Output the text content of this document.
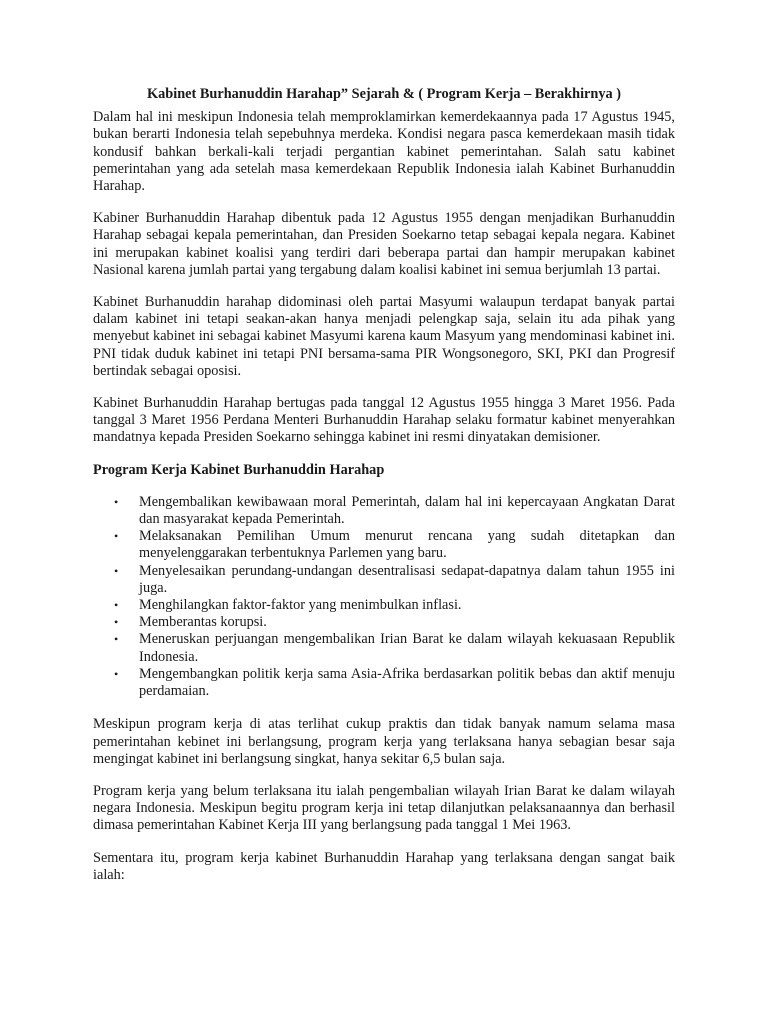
Kabinet Burhanuddin Harahap” Sejarah & ( Program Kerja – Berakhirnya )

Dalam hal ini meskipun Indonesia telah memproklamirkan kemerdekaannya pada 17 Agustus 1945, bukan berarti Indonesia telah sepebuhnya merdeka. Kondisi negara pasca kemerdekaan masih tidak kondusif bahkan berkali-kali terjadi pergantian kabinet pemerintahan. Salah satu kabinet pemerintahan yang ada setelah masa kemerdekaan Republik Indonesia ialah Kabinet Burhanuddin Harahap.

Kabiner Burhanuddin Harahap dibentuk pada 12 Agustus 1955 dengan menjadikan Burhanuddin Harahap sebagai kepala pemerintahan, dan Presiden Soekarno tetap sebagai kepala negara. Kabinet ini merupakan kabinet koalisi yang terdiri dari beberapa partai dan hampir merupakan kabinet Nasional karena jumlah partai yang tergabung dalam koalisi kabinet ini semua berjumlah 13 partai.

Kabinet Burhanuddin harahap didominasi oleh partai Masyumi walaupun terdapat banyak partai dalam kabinet ini tetapi seakan-akan hanya menjadi pelengkap saja, selain itu ada pihak yang menyebut kabinet ini sebagai kabinet Masyumi karena kaum Masyum yang mendominasi kabinet ini. PNI tidak duduk kabinet ini tetapi PNI bersama-sama PIR Wongsonegoro, SKI, PKI dan Progresif bertindak sebagai oposisi.

Kabinet Burhanuddin Harahap bertugas pada tanggal 12 Agustus 1955 hingga 3 Maret 1956. Pada tanggal 3 Maret 1956 Perdana Menteri Burhanuddin Harahap selaku formatur kabinet menyerahkan mandatnya kepada Presiden Soekarno sehingga kabinet ini resmi dinyatakan demisioner.

Program Kerja Kabinet Burhanuddin Harahap
• Mengembalikan kewibawaan moral Pemerintah, dalam hal ini kepercayaan Angkatan Darat dan masyarakat kepada Pemerintah.
• Melaksanakan Pemilihan Umum menurut rencana yang sudah ditetapkan dan menyelenggarakan terbentuknya Parlemen yang baru.
• Menyelesaikan perundang-undangan desentralisasi sedapat-dapatnya dalam tahun 1955 ini juga.
• Menghilangkan faktor-faktor yang menimbulkan inflasi.
• Memberantas korupsi.
• Meneruskan perjuangan mengembalikan Irian Barat ke dalam wilayah kekuasaan Republik Indonesia.
• Mengembangkan politik kerja sama Asia-Afrika berdasarkan politik bebas dan aktif menuju perdamaian.

Meskipun program kerja di atas terlihat cukup praktis dan tidak banyak namum selama masa pemerintahan kebinet ini berlangsung, program kerja yang terlaksana hanya sebagian besar saja mengingat kabinet ini berlangsung singkat, hanya sekitar 6,5 bulan saja.

Program kerja yang belum terlaksana itu ialah pengembalian wilayah Irian Barat ke dalam wilayah negara Indonesia. Meskipun begitu program kerja ini tetap dilanjutkan pelaksanaannya dan berhasil dimasa pemerintahan Kabinet Kerja III yang berlangsung pada tanggal 1 Mei 1963.

Sementara itu, program kerja kabinet Burhanuddin Harahap yang terlaksana dengan sangat baik ialah:
